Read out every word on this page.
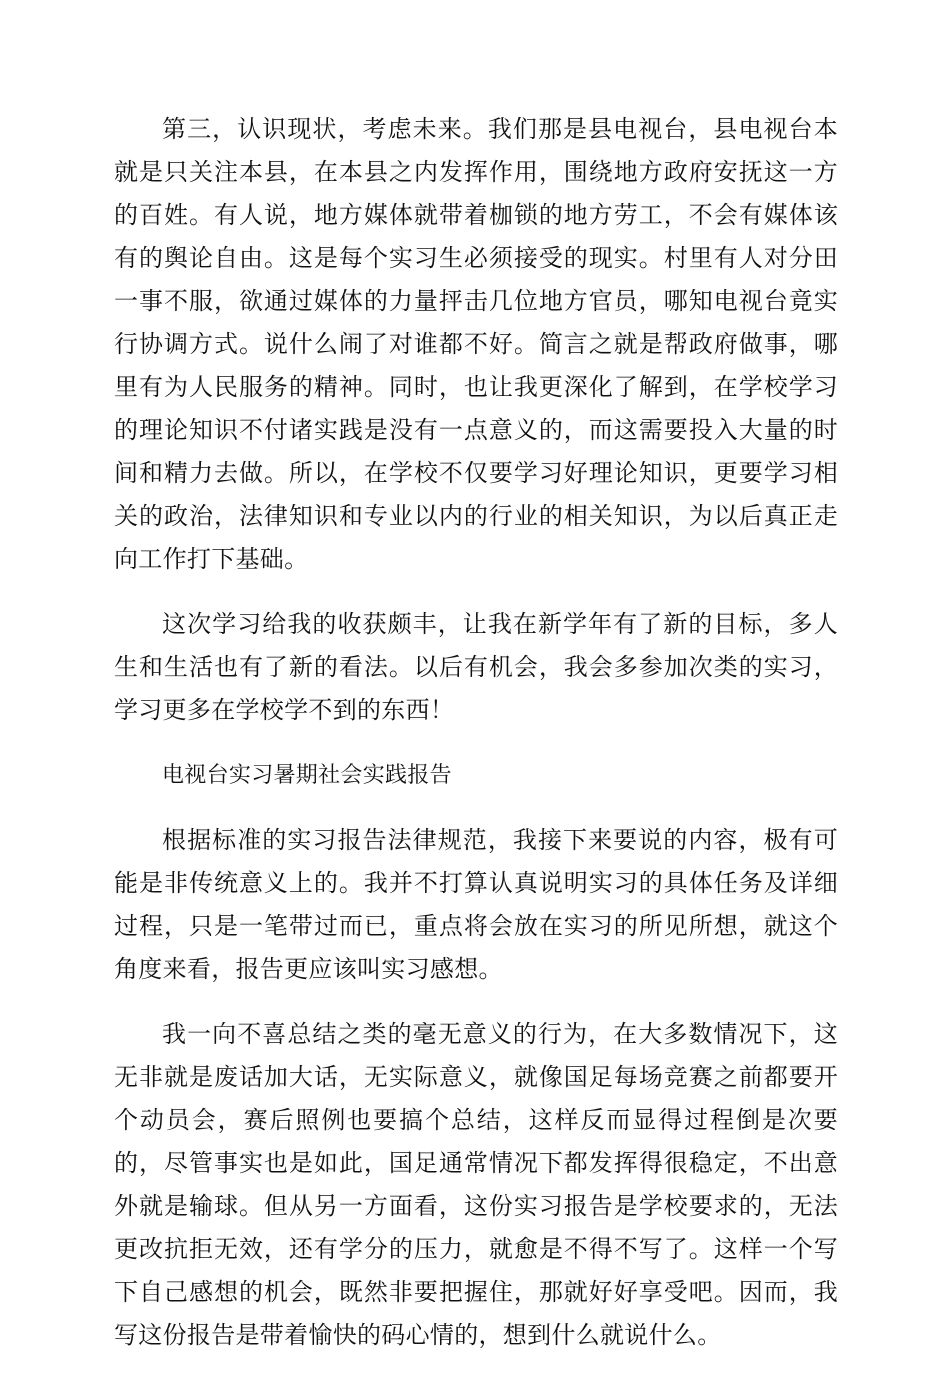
第三，认识现状，考虑未来。我们那是县电视台，县电视台本就是只关注本县，在本县之内发挥作用，围绕地方政府安抚这一方的百姓。有人说，地方媒体就带着枷锁的地方劳工，不会有媒体该有的舆论自由。这是每个实习生必须接受的现实。村里有人对分田一事不服，欲通过媒体的力量抨击几位地方官员，哪知电视台竟实行协调方式。说什么闹了对谁都不好。简言之就是帮政府做事，哪里有为人民服务的精神。同时，也让我更深化了解到，在学校学习的理论知识不付诸实践是没有一点意义的，而这需要投入大量的时间和精力去做。所以，在学校不仅要学习好理论知识，更要学习相关的政治，法律知识和专业以内的行业的相关知识，为以后真正走向工作打下基础。

这次学习给我的收获颇丰，让我在新学年有了新的目标，多人生和生活也有了新的看法。以后有机会，我会多参加次类的实习，学习更多在学校学不到的东西！

电视台实习暑期社会实践报告

根据标准的实习报告法律规范，我接下来要说的内容，极有可能是非传统意义上的。我并不打算认真说明实习的具体任务及详细过程，只是一笔带过而已，重点将会放在实习的所见所想，就这个角度来看，报告更应该叫实习感想。

我一向不喜总结之类的毫无意义的行为，在大多数情况下，这无非就是废话加大话，无实际意义，就像国足每场竞赛之前都要开个动员会，赛后照例也要搞个总结，这样反而显得过程倒是次要的，尽管事实也是如此，国足通常情况下都发挥得很稳定，不出意外就是输球。但从另一方面看，这份实习报告是学校要求的，无法更改抗拒无效，还有学分的压力，就愈是不得不写了。这样一个写下自己感想的机会，既然非要把握住，那就好好享受吧。因而，我写这份报告是带着愉快的码心情的，想到什么就说什么。
